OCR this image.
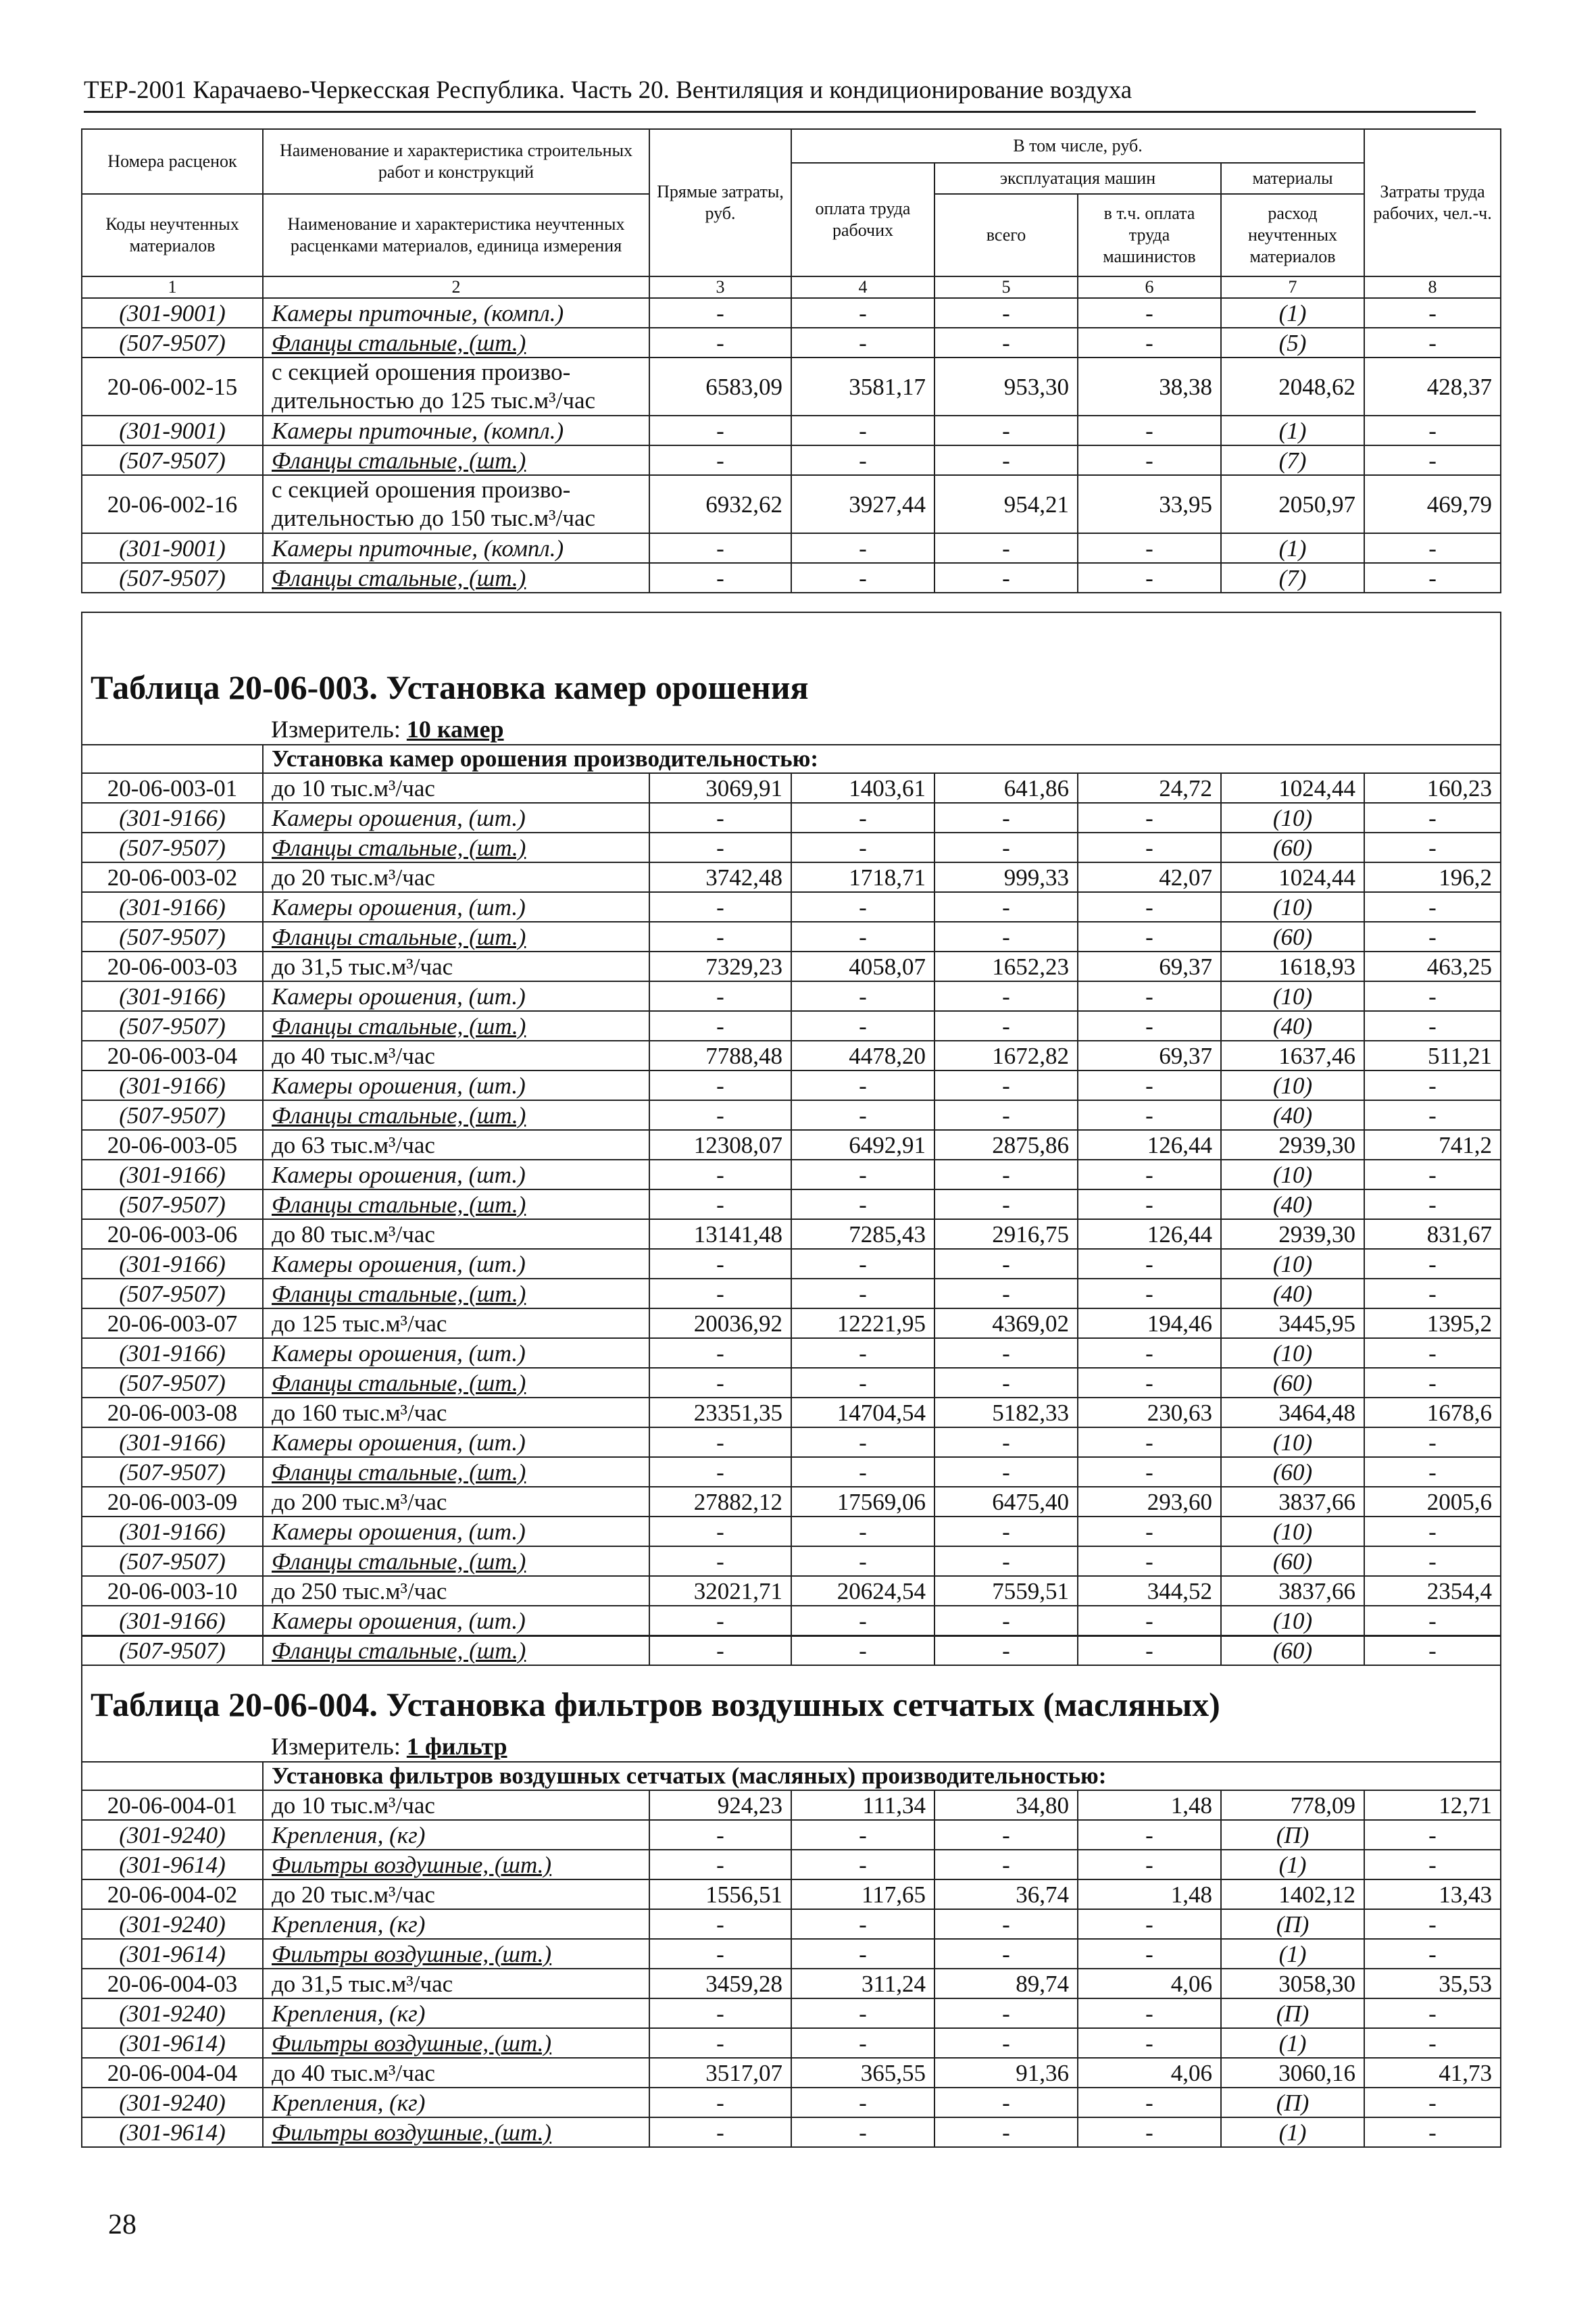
ТЕР-2001 Карачаево-Черкесская Республика. Часть 20. Вентиляция и кондиционирование воздуха
Номера расценок	Наименование и характеристика строительных работ и конструкций	Прямые затраты, руб.	В том числе, руб.				Затраты труда рабочих, чел.-ч.
			оплата труда рабочих	эксплуатация машин		материалы	
Коды неучтенных материалов	Наименование и характеристика неучтенных расценками материалов, единица измерения			всего	в т.ч. оплата труда машинистов	расход неучтенных материалов	

1	2	3	4	5	6	7	8
(301-9001)	Камеры приточные, (компл.)	-	-	-	-	(1)	-
(507-9507)	Фланцы стальные, (шт.)	-	-	-	-	(5)	-
20-06-002-15	с секцией орошения произво-дительностью до 125 тыс.м³/час	6583,09	3581,17	953,30	38,38	2048,62	428,37
(301-9001)	Камеры приточные, (компл.)	-	-	-	-	(1)	-
(507-9507)	Фланцы стальные, (шт.)	-	-	-	-	(7)	-
20-06-002-16	с секцией орошения произво-дительностью до 150 тыс.м³/час	6932,62	3927,44	954,21	33,95	2050,97	469,79
(301-9001)	Камеры приточные, (компл.)	-	-	-	-	(1)	-
(507-9507)	Фланцы стальные, (шт.)	-	-	-	-	(7)	-

Таблица 20-06-003. Установка камер орошения							
	Измеритель: 10 камер						
	Установка камер орошения производительностью:						
20-06-003-01	до 10 тыс.м³/час	3069,91	1403,61	641,86	24,72	1024,44	160,23
(301-9166)	Камеры орошения, (шт.)	-	-	-	-	(10)	-
(507-9507)	Фланцы стальные, (шт.)	-	-	-	-	(60)	-
20-06-003-02	до 20 тыс.м³/час	3742,48	1718,71	999,33	42,07	1024,44	196,2
(301-9166)	Камеры орошения, (шт.)	-	-	-	-	(10)	-
(507-9507)	Фланцы стальные, (шт.)	-	-	-	-	(60)	-
20-06-003-03	до 31,5 тыс.м³/час	7329,23	4058,07	1652,23	69,37	1618,93	463,25
(301-9166)	Камеры орошения, (шт.)	-	-	-	-	(10)	-
(507-9507)	Фланцы стальные, (шт.)	-	-	-	-	(40)	-
20-06-003-04	до 40 тыс.м³/час	7788,48	4478,20	1672,82	69,37	1637,46	511,21
(301-9166)	Камеры орошения, (шт.)	-	-	-	-	(10)	-
(507-9507)	Фланцы стальные, (шт.)	-	-	-	-	(40)	-
20-06-003-05	до 63 тыс.м³/час	12308,07	6492,91	2875,86	126,44	2939,30	741,2
(301-9166)	Камеры орошения, (шт.)	-	-	-	-	(10)	-
(507-9507)	Фланцы стальные, (шт.)	-	-	-	-	(40)	-
20-06-003-06	до 80 тыс.м³/час	13141,48	7285,43	2916,75	126,44	2939,30	831,67
(301-9166)	Камеры орошения, (шт.)	-	-	-	-	(10)	-
(507-9507)	Фланцы стальные, (шт.)	-	-	-	-	(40)	-
20-06-003-07	до 125 тыс.м³/час	20036,92	12221,95	4369,02	194,46	3445,95	1395,2
(301-9166)	Камеры орошения, (шт.)	-	-	-	-	(10)	-
(507-9507)	Фланцы стальные, (шт.)	-	-	-	-	(60)	-
20-06-003-08	до 160 тыс.м³/час	23351,35	14704,54	5182,33	230,63	3464,48	1678,6
(301-9166)	Камеры орошения, (шт.)	-	-	-	-	(10)	-
(507-9507)	Фланцы стальные, (шт.)	-	-	-	-	(60)	-
20-06-003-09	до 200 тыс.м³/час	27882,12	17569,06	6475,40	293,60	3837,66	2005,6
(301-9166)	Камеры орошения, (шт.)	-	-	-	-	(10)	-
(507-9507)	Фланцы стальные, (шт.)	-	-	-	-	(60)	-
20-06-003-10	до 250 тыс.м³/час	32021,71	20624,54	7559,51	344,52	3837,66	2354,4
(301-9166)	Камеры орошения, (шт.)	-	-	-	-	(10)	-
(507-9507)	Фланцы стальные, (шт.)	-	-	-	-	(60)	-

Таблица 20-06-004. Установка фильтров воздушных сетчатых (масляных)							
	Измеритель: 1 фильтр						
	Установка фильтров воздушных сетчатых (масляных) производительностью:						
20-06-004-01	до 10 тыс.м³/час	924,23	111,34	34,80	1,48	778,09	12,71
(301-9240)	Крепления, (кг)	-	-	-	-	(П)	-
(301-9614)	Фильтры воздушные, (шт.)	-	-	-	-	(1)	-
20-06-004-02	до 20 тыс.м³/час	1556,51	117,65	36,74	1,48	1402,12	13,43
(301-9240)	Крепления, (кг)	-	-	-	-	(П)	-
(301-9614)	Фильтры воздушные, (шт.)	-	-	-	-	(1)	-
20-06-004-03	до 31,5 тыс.м³/час	3459,28	311,24	89,74	4,06	3058,30	35,53
(301-9240)	Крепления, (кг)	-	-	-	-	(П)	-
(301-9614)	Фильтры воздушные, (шт.)	-	-	-	-	(1)	-
20-06-004-04	до 40 тыс.м³/час	3517,07	365,55	91,36	4,06	3060,16	41,73
(301-9240)	Крепления, (кг)	-	-	-	-	(П)	-
(301-9614)	Фильтры воздушные, (шт.)	-	-	-	-	(1)	-
28
